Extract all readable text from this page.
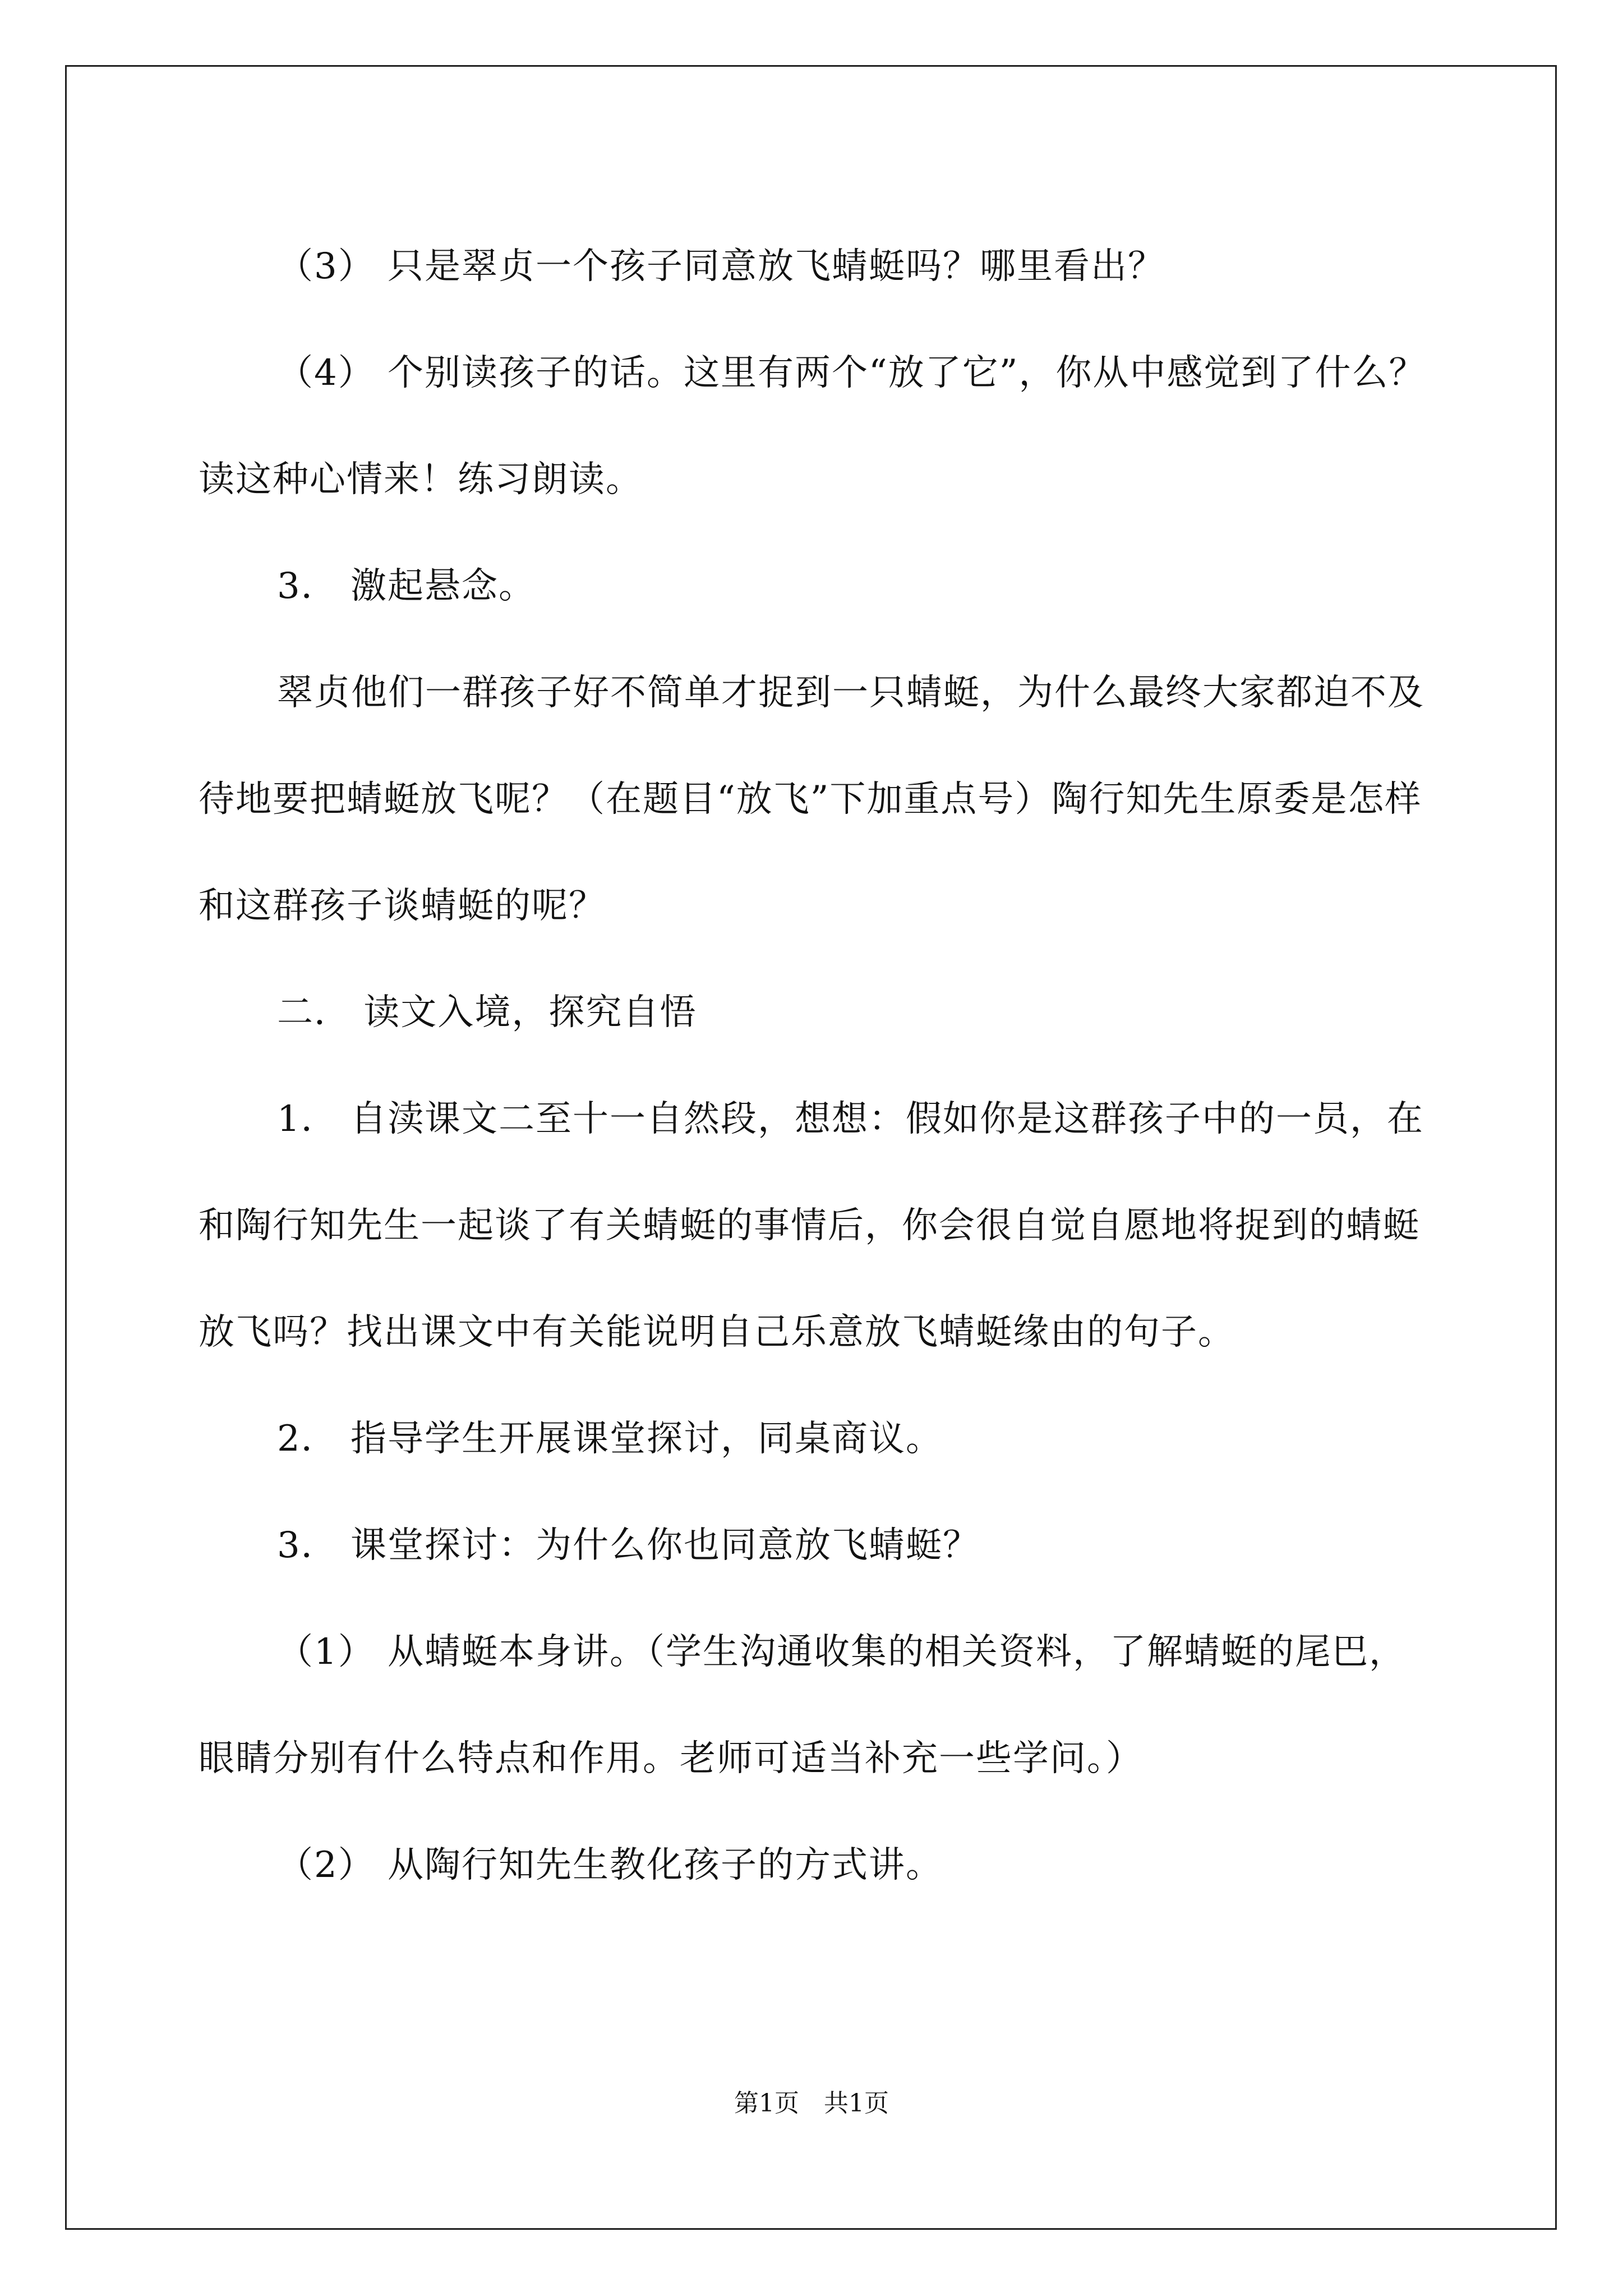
（3） 只是翠贞一个孩子同意放飞蜻蜓吗？哪里看出？

（4） 个别读孩子的话。这里有两个“放了它”，你从中感觉到了什么？读这种心情来！练习朗读。

3． 激起悬念。

翠贞他们一群孩子好不简单才捉到一只蜻蜓，为什么最终大家都迫不及待地要把蜻蜓放飞呢？（在题目“放飞”下加重点号）陶行知先生原委是怎样和这群孩子谈蜻蜓的呢？

二． 读文入境，探究自悟

1． 自渎课文二至十一自然段，想想：假如你是这群孩子中的一员，在和陶行知先生一起谈了有关蜻蜓的事情后，你会很自觉自愿地将捉到的蜻蜓放飞吗？找出课文中有关能说明自己乐意放飞蜻蜓缘由的句子。

2． 指导学生开展课堂探讨，同桌商议。

3． 课堂探讨：为什么你也同意放飞蜻蜓？

（1） 从蜻蜓本身讲。（学生沟通收集的相关资料，了解蜻蜓的尾巴，眼睛分别有什么特点和作用。老师可适当补充一些学问。）

（2） 从陶行知先生教化孩子的方式讲。

第1页　共1页
